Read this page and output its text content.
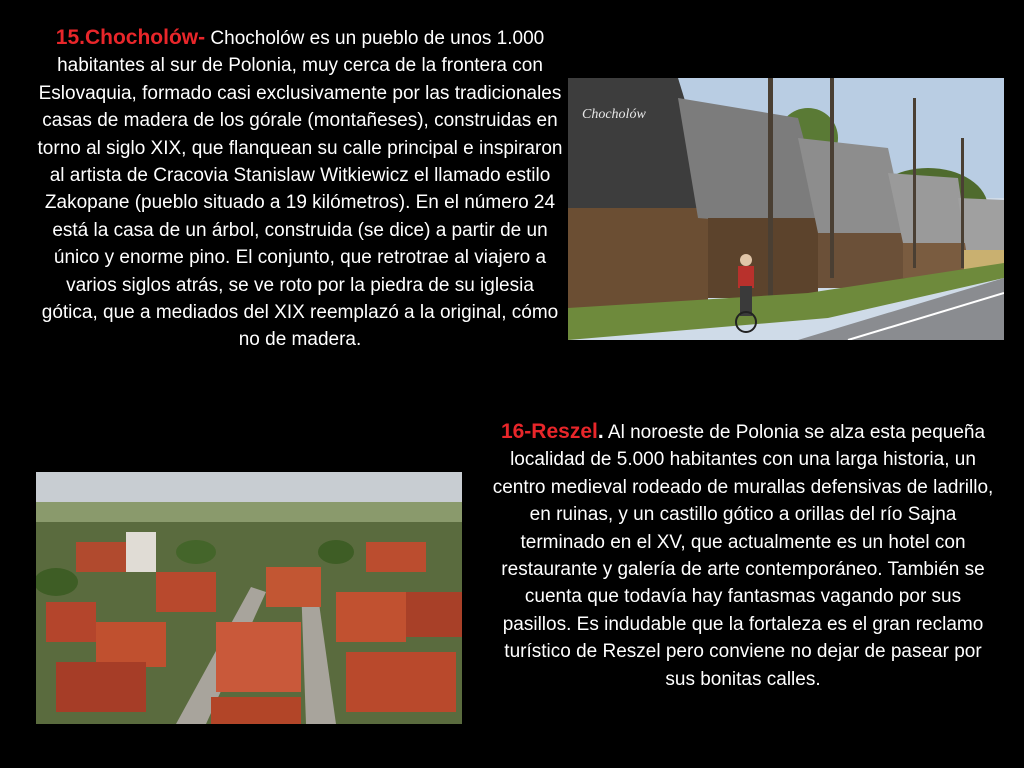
15.Chocholów- Chocholów es un pueblo de unos 1.000 habitantes al sur de Polonia, muy cerca de la frontera con Eslovaquia, formado casi exclusivamente por las tradicionales casas de madera de los górale (montañeses), construidas en torno al siglo XIX, que flanquean su calle principal e inspiraron al artista de Cracovia Stanislaw Witkiewicz el llamado estilo Zakopane (pueblo situado a 19 kilómetros). En el número 24 está la casa de un árbol, construida (se dice) a partir de un único y enorme pino. El conjunto, que retrotrae al viajero a varios siglos atrás, se ve roto por la piedra de su iglesia gótica, que a mediados del XIX reemplazó a la original, cómo no de madera.

Chocholów

16-Reszel. Al noroeste de Polonia se alza esta pequeña localidad de 5.000 habitantes con una larga historia, un centro medieval rodeado de murallas defensivas de ladrillo, en ruinas, y un castillo gótico a orillas del río Sajna terminado en el XV, que actualmente es un hotel con restaurante y galería de arte contemporáneo. También se cuenta que todavía hay fantasmas vagando por sus pasillos. Es indudable que la fortaleza es el gran reclamo turístico de Reszel pero conviene no dejar de pasear por sus bonitas calles.
